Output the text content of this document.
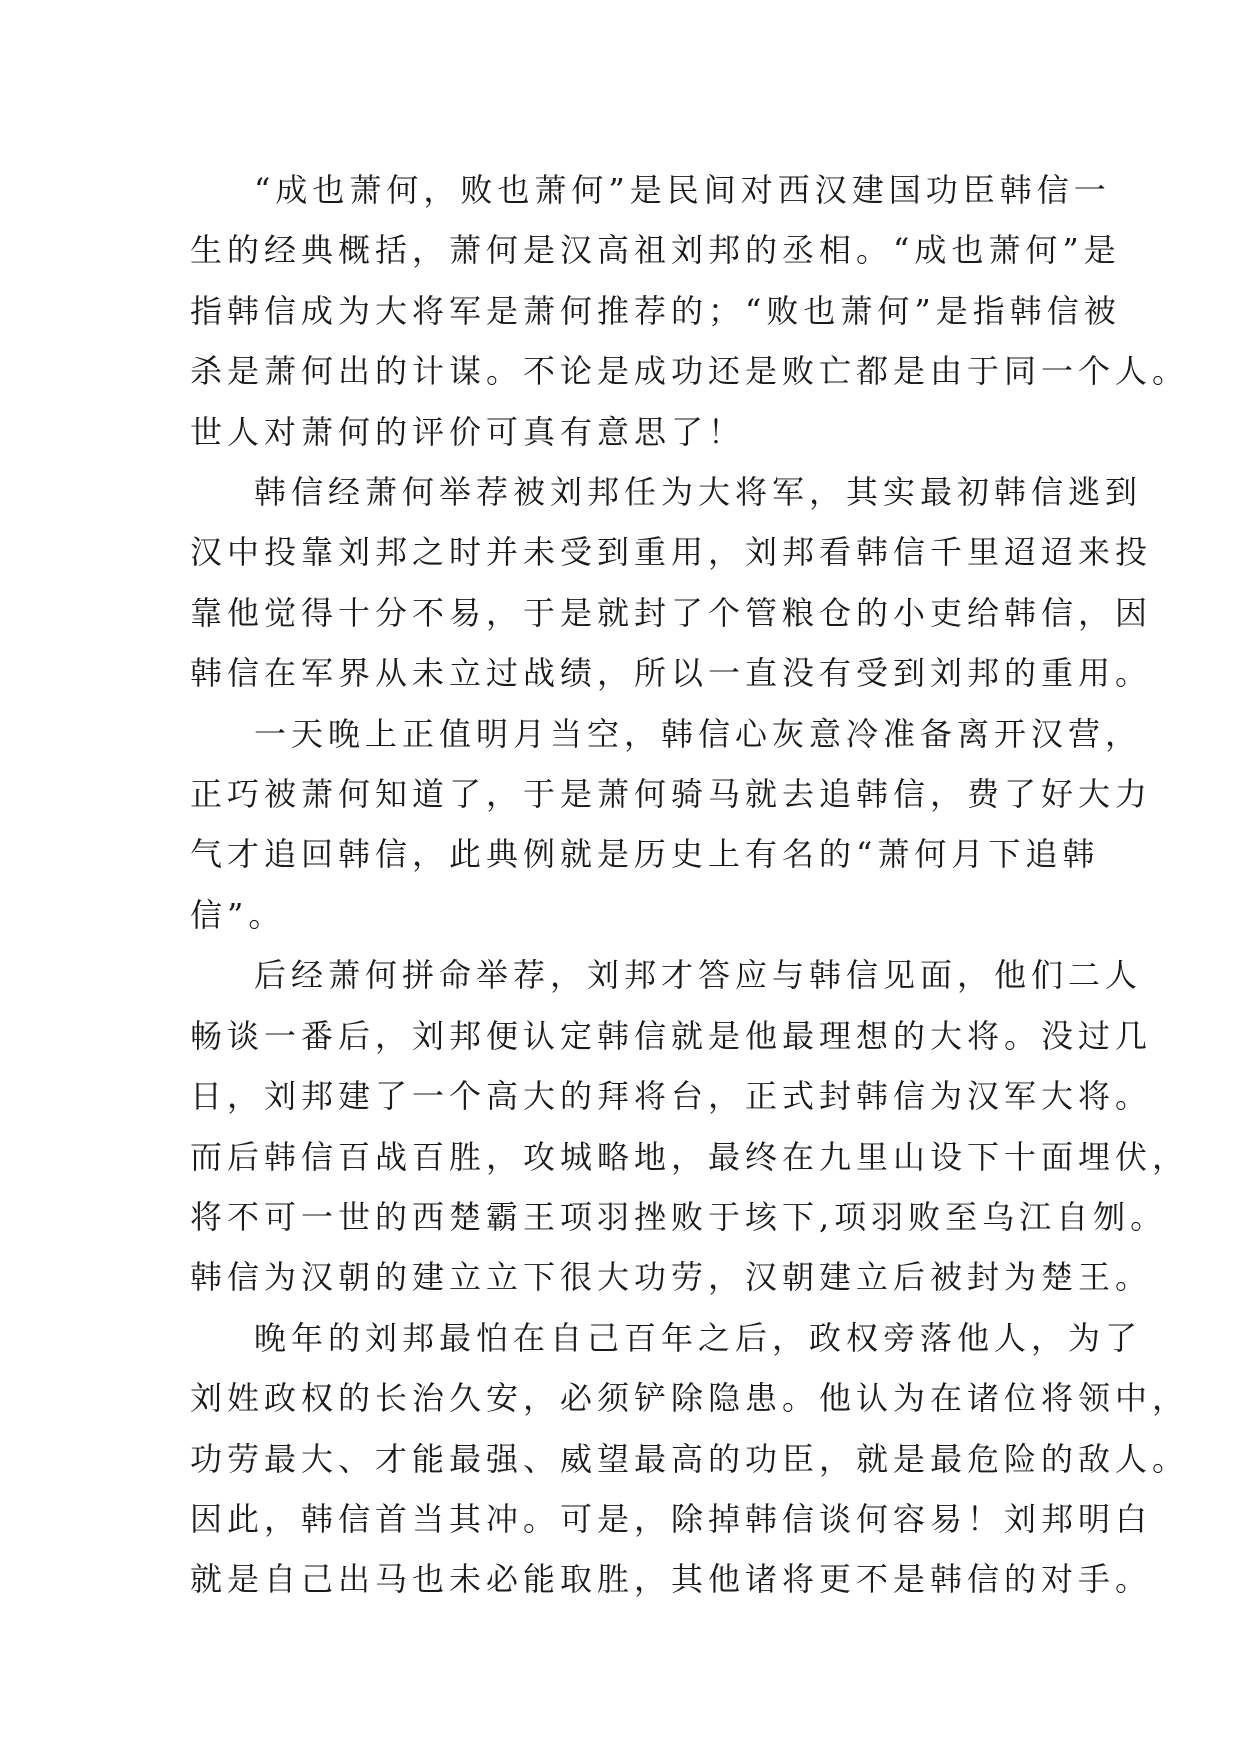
“成也萧何，败也萧何”是民间对西汉建国功臣韩信一
生的经典概括，萧何是汉高祖刘邦的丞相。“成也萧何”是
指韩信成为大将军是萧何推荐的；“败也萧何”是指韩信被
杀是萧何出的计谋。不论是成功还是败亡都是由于同一个人。
世人对萧何的评价可真有意思了！

韩信经萧何举荐被刘邦任为大将军，其实最初韩信逃到
汉中投靠刘邦之时并未受到重用，刘邦看韩信千里迢迢来投
靠他觉得十分不易，于是就封了个管粮仓的小吏给韩信，因
韩信在军界从未立过战绩，所以一直没有受到刘邦的重用。

一天晚上正值明月当空，韩信心灰意冷准备离开汉营，
正巧被萧何知道了，于是萧何骑马就去追韩信，费了好大力
气才追回韩信，此典例就是历史上有名的“萧何月下追韩
信”。

后经萧何拼命举荐，刘邦才答应与韩信见面，他们二人
畅谈一番后，刘邦便认定韩信就是他最理想的大将。没过几
日，刘邦建了一个高大的拜将台，正式封韩信为汉军大将。
而后韩信百战百胜，攻城略地，最终在九里山设下十面埋伏，
将不可一世的西楚霸王项羽挫败于垓下,项羽败至乌江自刎。
韩信为汉朝的建立立下很大功劳，汉朝建立后被封为楚王。

晚年的刘邦最怕在自己百年之后，政权旁落他人，为了
刘姓政权的长治久安，必须铲除隐患。他认为在诸位将领中，
功劳最大、才能最强、威望最高的功臣，就是最危险的敌人。
因此，韩信首当其冲。可是，除掉韩信谈何容易！刘邦明白
就是自己出马也未必能取胜，其他诸将更不是韩信的对手。
